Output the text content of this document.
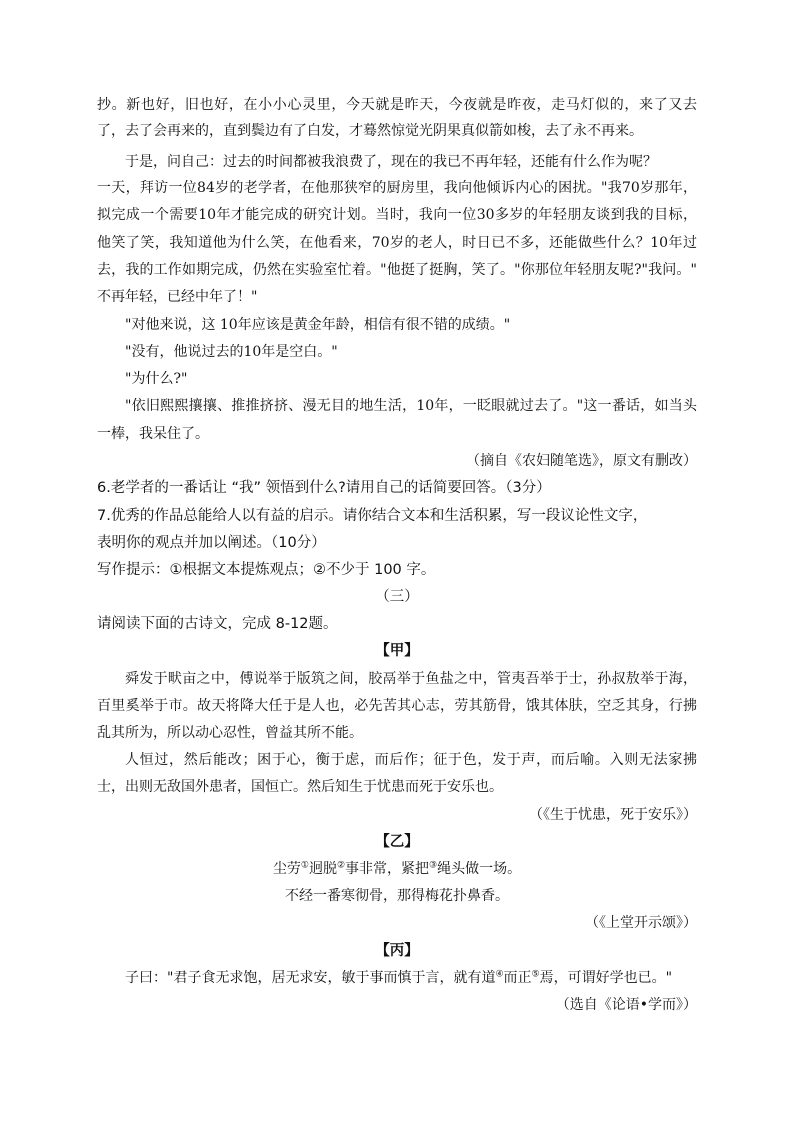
抄。新也好，旧也好，在小小心灵里，今天就是昨天，今夜就是昨夜，走马灯似的，来了又去
了，去了会再来的，直到鬓边有了白发，才蓦然惊觉光阴果真似箭如梭，去了永不再来。
于是，问自己：过去的时间都被我浪费了，现在的我已不再年轻，还能有什么作为呢？
一天，拜访一位84岁的老学者，在他那狭窄的厨房里，我向他倾诉内心的困扰。"我70岁那年，
拟完成一个需要10年才能完成的研究计划。当时，我向一位30多岁的年轻朋友谈到我的目标，
他笑了笑，我知道他为什么笑，在他看来，70岁的老人，时日已不多，还能做些什么？10年过
去，我的工作如期完成，仍然在实验室忙着。"他挺了挺胸，笑了。"你那位年轻朋友呢?"我问。"
不再年轻，已经中年了！"
"对他来说，这 10年应该是黄金年龄，相信有很不错的成绩。"
"没有，他说过去的10年是空白。"
"为什么?"
"依旧熙熙攘攘、推推挤挤、漫无目的地生活，10年，一眨眼就过去了。"这一番话，如当头
一棒，我呆住了。
（摘自《农妇随笔选》，原文有删改）
6.老学者的一番话让 “我” 领悟到什么?请用自己的话简要回答。（3分）
7.优秀的作品总能给人以有益的启示。请你结合文本和生活积累，写一段议论性文字，
表明你的观点并加以阐述。（10分）
写作提示：①根据文本提炼观点；②不少于 100 字。
（三）
请阅读下面的古诗文，完成 8-12题。
【甲】
舜发于畎亩之中，傅说举于版筑之间，胶鬲举于鱼盐之中，管夷吾举于士，孙叔敖举于海，
百里奚举于市。故天将降大任于是人也，必先苦其心志，劳其筋骨，饿其体肤，空乏其身，行拂
乱其所为，所以动心忍性，曾益其所不能。
人恒过，然后能改；困于心，衡于虑，而后作；征于色，发于声，而后喻。入则无法家拂
士，出则无敌国外患者，国恒亡。然后知生于忧患而死于安乐也。
（《生于忧患，死于安乐》）
【乙】
尘劳①迥脱②事非常，紧把③绳头做一场。
不经一番寒彻骨，那得梅花扑鼻香。
（《上堂开示颂》）
【丙】
子曰："君子食无求饱，居无求安，敏于事而慎于言，就有道④而正⑤焉，可谓好学也已。"
（选自《论语•学而》）
